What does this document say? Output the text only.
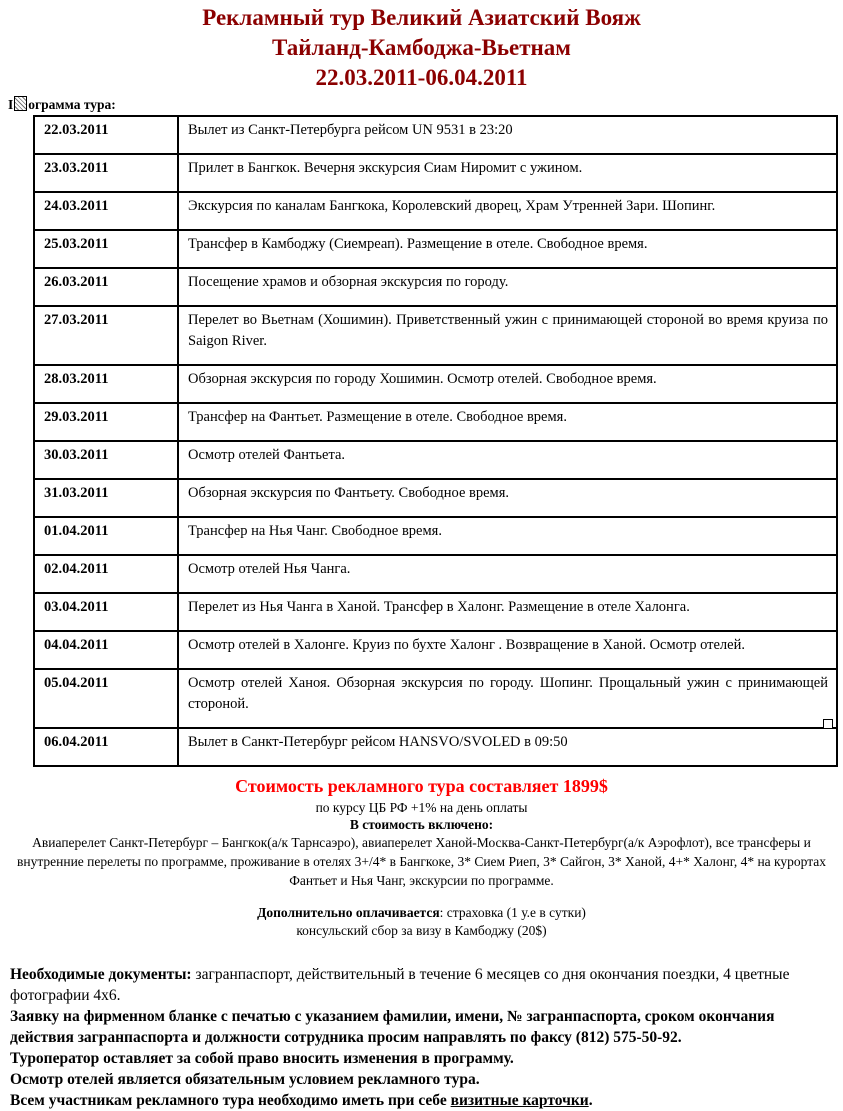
Рекламный тур Великий Азиатский Вояж
Тайланд-Камбоджа-Вьетнам
22.03.2011-06.04.2011
I ограмма тура:
22.03.2011	Вылет из Санкт-Петербурга рейсом UN 9531 в 23:20
23.03.2011	Прилет в Бангкок. Вечерня экскурсия Сиам Ниромит с ужином.
24.03.2011	Экскурсия по каналам Бангкока, Королевский дворец, Храм Утренней Зари. Шопинг.
25.03.2011	Трансфер в Камбоджу (Сиемреап). Размещение в отеле. Свободное время.
26.03.2011	Посещение храмов и обзорная экскурсия по городу.
27.03.2011	Перелет во Вьетнам (Хошимин). Приветственный ужин с принимающей стороной во время круиза по Saigon River.
28.03.2011	Обзорная экскурсия по городу Хошимин. Осмотр отелей. Свободное время.
29.03.2011	Трансфер на Фантьет. Размещение в отеле. Свободное время.
30.03.2011	Осмотр отелей Фантьета.
31.03.2011	Обзорная экскурсия по Фантьету. Свободное время.
01.04.2011	Трансфер на Нья Чанг. Свободное время.
02.04.2011	Осмотр отелей Нья Чанга.
03.04.2011	Перелет из Нья Чанга в Ханой. Трансфер в Халонг. Размещение в отеле Халонга.
04.04.2011	Осмотр отелей в Халонге. Круиз по бухте Халонг . Возвращение в Ханой. Осмотр отелей.
05.04.2011	Осмотр отелей Ханоя. Обзорная экскурсия по городу. Шопинг. Прощальный ужин с принимающей стороной.
06.04.2011	Вылет в Санкт-Петербург рейсом HANSVO/SVOLED в 09:50
Стоимость рекламного тура составляет 1899$
по курсу ЦБ РФ +1% на день оплаты
В стоимость включено:
Авиаперелет Санкт-Петербург – Бангкок(а/к Тарнсаэро), авиаперелет Ханой-Москва-Санкт-Петербург(а/к Аэрофлот), все трансферы и внутренние перелеты по программе, проживание в отелях 3+/4* в Бангкоке, 3* Сием Риеп, 3* Сайгон, 3* Ханой, 4+* Халонг, 4* на курортах Фантьет и Нья Чанг, экскурсии по программе.
Дополнительно оплачивается: страховка (1 у.е в сутки)
консульский сбор за визу в Камбоджу (20$)
Необходимые документы: загранпаспорт, действительный в течение 6 месяцев со дня окончания поездки, 4 цветные фотографии 4х6.
Заявку на фирменном бланке с печатью с указанием фамилии, имени, № загранпаспорта, сроком окончания действия загранпаспорта и должности сотрудника просим направлять по факсу (812) 575-50-92.
Туроператор оставляет за собой право вносить изменения в программу.
Осмотр отелей является обязательным условием рекламного тура.
Всем участникам рекламного тура необходимо иметь при себе визитные карточки.
